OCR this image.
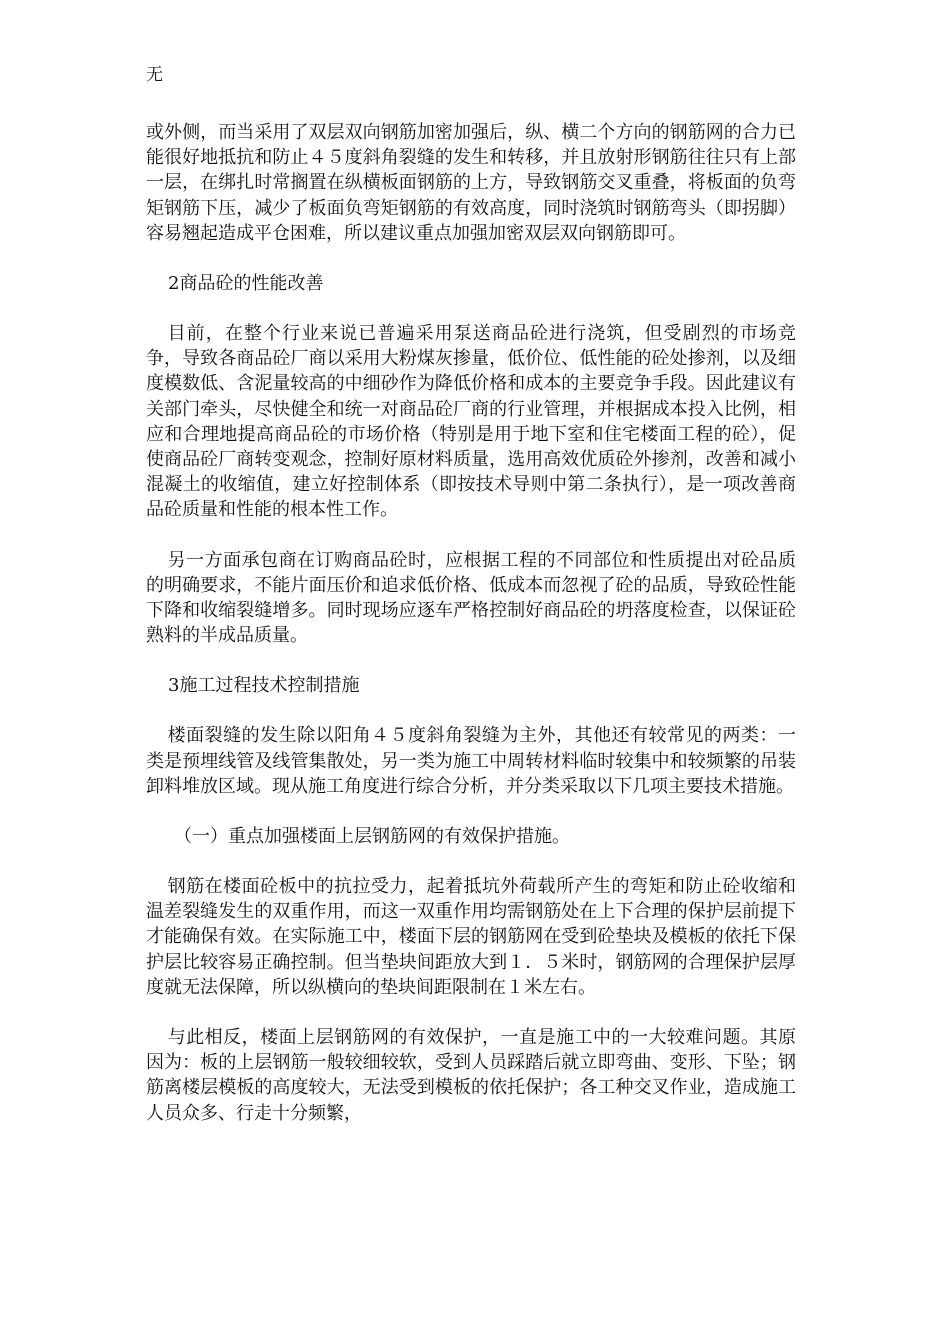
无

或外侧，而当采用了双层双向钢筋加密加强后，纵、横二个方向的钢筋网的合力已能很好地抵抗和防止４５度斜角裂缝的发生和转移，并且放射形钢筋往往只有上部一层，在绑扎时常搁置在纵横板面钢筋的上方，导致钢筋交叉重叠，将板面的负弯矩钢筋下压，减少了板面负弯矩钢筋的有效高度，同时浇筑时钢筋弯头（即拐脚）容易翘起造成平仓困难，所以建议重点加强加密双层双向钢筋即可。

2商品砼的性能改善

目前，在整个行业来说已普遍采用泵送商品砼进行浇筑，但受剧烈的市场竞争，导致各商品砼厂商以采用大粉煤灰掺量，低价位、低性能的砼处掺剂，以及细度模数低、含泥量较高的中细砂作为降低价格和成本的主要竞争手段。因此建议有关部门牵头，尽快健全和统一对商品砼厂商的行业管理，并根据成本投入比例，相应和合理地提高商品砼的市场价格（特别是用于地下室和住宅楼面工程的砼），促使商品砼厂商转变观念，控制好原材料质量，选用高效优质砼外掺剂，改善和减小混凝土的收缩值，建立好控制体系（即按技术导则中第二条执行），是一项改善商品砼质量和性能的根本性工作。

另一方面承包商在订购商品砼时，应根据工程的不同部位和性质提出对砼品质的明确要求，不能片面压价和追求低价格、低成本而忽视了砼的品质，导致砼性能下降和收缩裂缝增多。同时现场应逐车严格控制好商品砼的坍落度检查，以保证砼熟料的半成品质量。

3施工过程技术控制措施

楼面裂缝的发生除以阳角４５度斜角裂缝为主外，其他还有较常见的两类：一类是预埋线管及线管集散处，另一类为施工中周转材料临时较集中和较频繁的吊装卸料堆放区域。现从施工角度进行综合分析，并分类采取以下几项主要技术措施。

（一）重点加强楼面上层钢筋网的有效保护措施。

钢筋在楼面砼板中的抗拉受力，起着抵坑外荷载所产生的弯矩和防止砼收缩和温差裂缝发生的双重作用，而这一双重作用均需钢筋处在上下合理的保护层前提下才能确保有效。在实际施工中，楼面下层的钢筋网在受到砼垫块及模板的依托下保护层比较容易正确控制。但当垫块间距放大到１．５米时，钢筋网的合理保护层厚度就无法保障，所以纵横向的垫块间距限制在１米左右。

与此相反，楼面上层钢筋网的有效保护，一直是施工中的一大较难问题。其原因为：板的上层钢筋一般较细较软，受到人员踩踏后就立即弯曲、变形、下坠；钢筋离楼层模板的高度较大，无法受到模板的依托保护；各工种交叉作业，造成施工人员众多、行走十分频繁，
